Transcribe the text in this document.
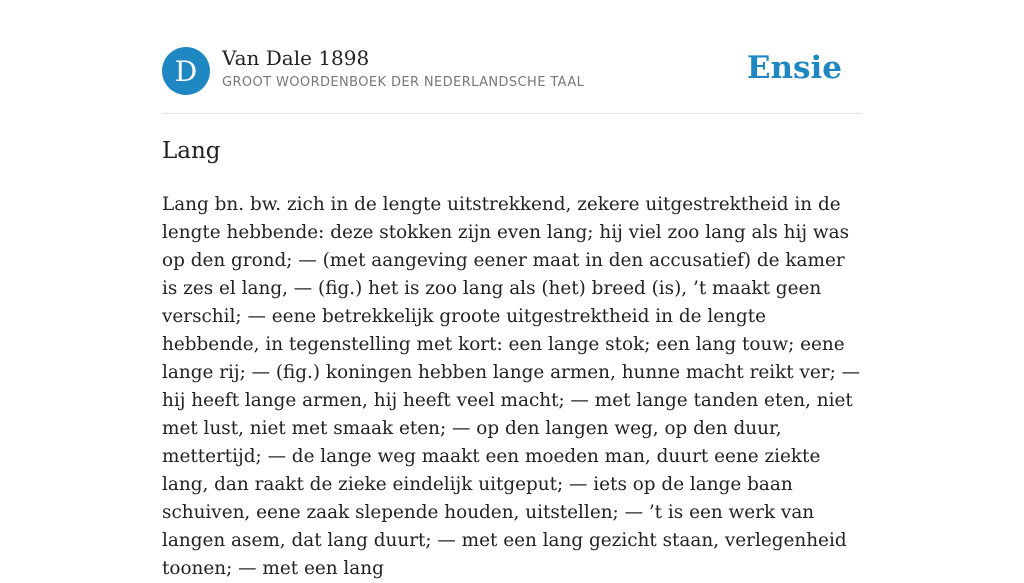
D	Van Dale 1898
GROOT WOORDENBOEK DER NEDERLANDSCHE TAAL	Ensie
Lang

Lang bn. bw. zich in de lengte uitstrekkend, zekere uitgestrektheid in de lengte hebbende: deze stokken zijn even lang; hij viel zoo lang als hij was op den grond; — (met aangeving eener maat in den accusatief) de kamer is zes el lang, — (fig.) het is zoo lang als (het) breed (is), ’t maakt geen verschil; — eene betrekkelijk groote uitgestrektheid in de lengte hebbende, in tegenstelling met kort: een lange stok; een lang touw; eene lange rij; — (fig.) koningen hebben lange armen, hunne macht reikt ver; — hij heeft lange armen, hij heeft veel macht; — met lange tanden eten, niet met lust, niet met smaak eten; — op den langen weg, op den duur, mettertijd; — de lange weg maakt een moeden man, duurt eene ziekte lang, dan raakt de zieke eindelijk uitgeput; — iets op de lange baan schuiven, eene zaak slepende houden, uitstellen; — ’t is een werk van langen asem, dat lang duurt; — met een lang gezicht staan, verlegenheid toonen; — met een lang
